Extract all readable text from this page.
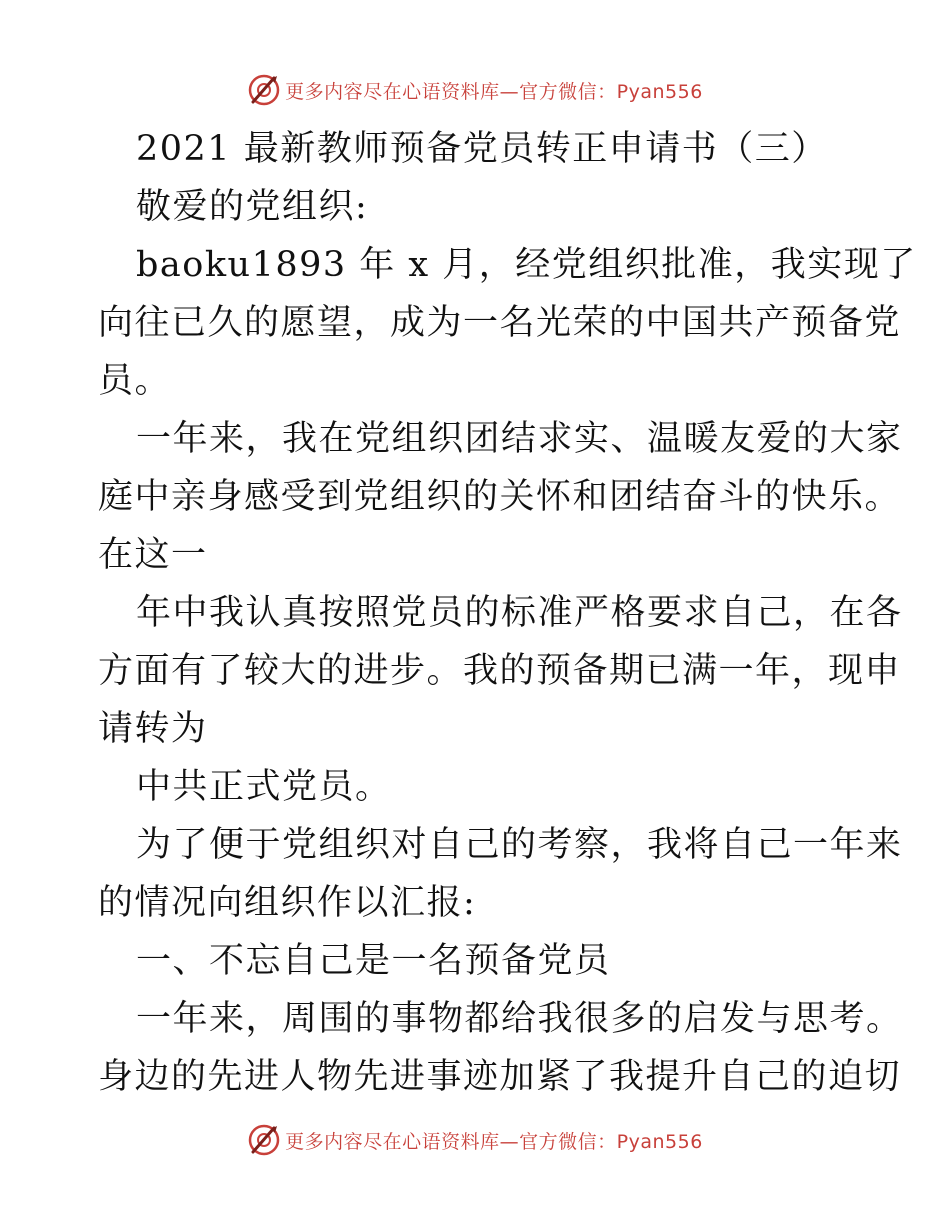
更多内容尽在心语资料库—官方微信：Pyan556
2021 最新教师预备党员转正申请书（三）
敬爱的党组织:
baoku1893 年 x 月，经党组织批准，我实现了
向往已久的愿望，成为一名光荣的中国共产预备党
员。
一年来，我在党组织团结求实、温暖友爱的大家
庭中亲身感受到党组织的关怀和团结奋斗的快乐。
在这一
年中我认真按照党员的标准严格要求自己，在各
方面有了较大的进步。我的预备期已满一年，现申
请转为
中共正式党员。
为了便于党组织对自己的考察，我将自己一年来
的情况向组织作以汇报:
一、不忘自己是一名预备党员
一年来，周围的事物都给我很多的启发与思考。
身边的先进人物先进事迹加紧了我提升自己的迫切
更多内容尽在心语资料库—官方微信：Pyan556
